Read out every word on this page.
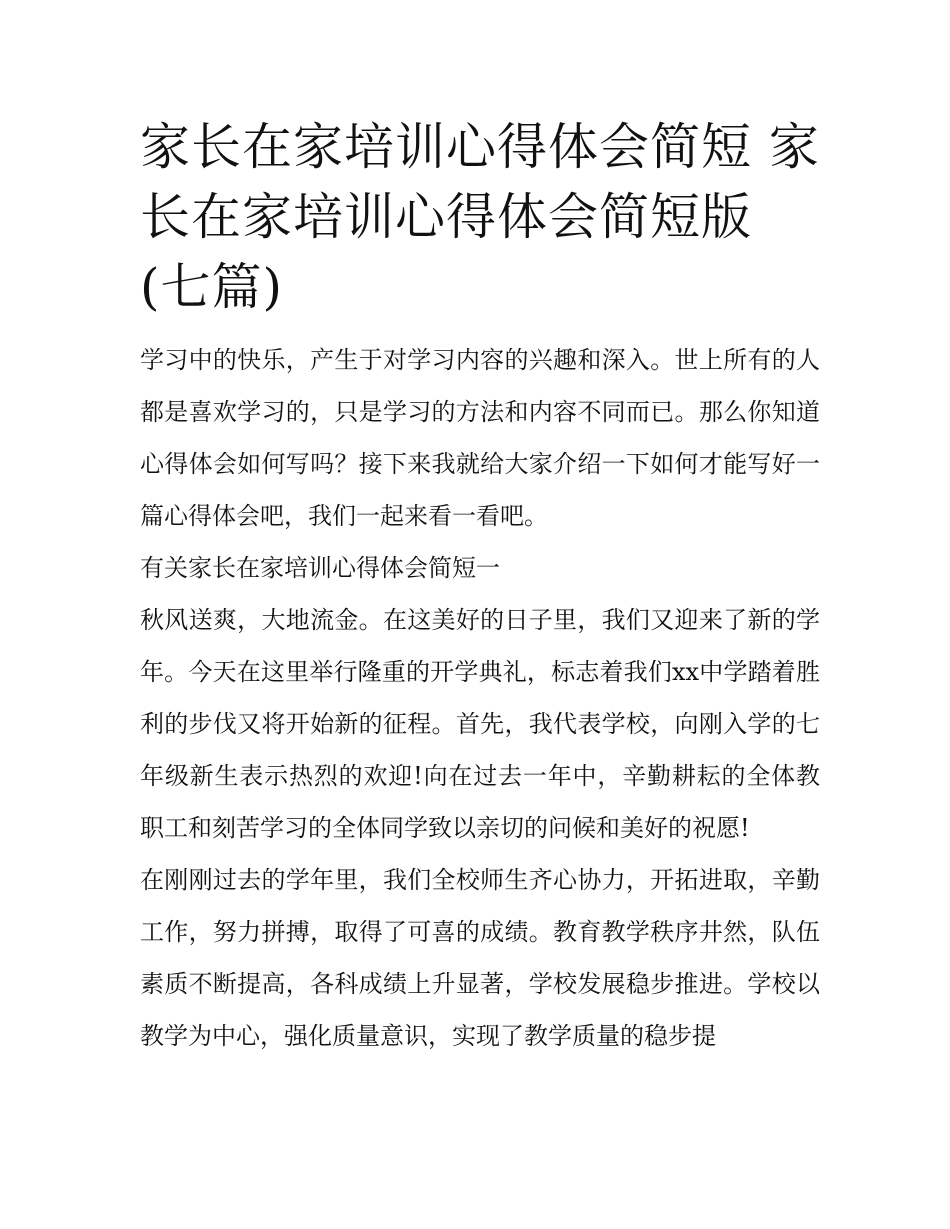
家长在家培训心得体会简短 家长在家培训心得体会简短版(七篇)

学习中的快乐，产生于对学习内容的兴趣和深入。世上所有的人都是喜欢学习的，只是学习的方法和内容不同而已。那么你知道心得体会如何写吗？接下来我就给大家介绍一下如何才能写好一篇心得体会吧，我们一起来看一看吧。

有关家长在家培训心得体会简短一

秋风送爽，大地流金。在这美好的日子里，我们又迎来了新的学年。今天在这里举行隆重的开学典礼，标志着我们xx中学踏着胜利的步伐又将开始新的征程。首先，我代表学校，向刚入学的七年级新生表示热烈的欢迎!向在过去一年中，辛勤耕耘的全体教职工和刻苦学习的全体同学致以亲切的问候和美好的祝愿!

在刚刚过去的学年里，我们全校师生齐心协力，开拓进取，辛勤工作，努力拼搏，取得了可喜的成绩。教育教学秩序井然，队伍素质不断提高，各科成绩上升显著，学校发展稳步推进。学校以教学为中心，强化质量意识，实现了教学质量的稳步提
